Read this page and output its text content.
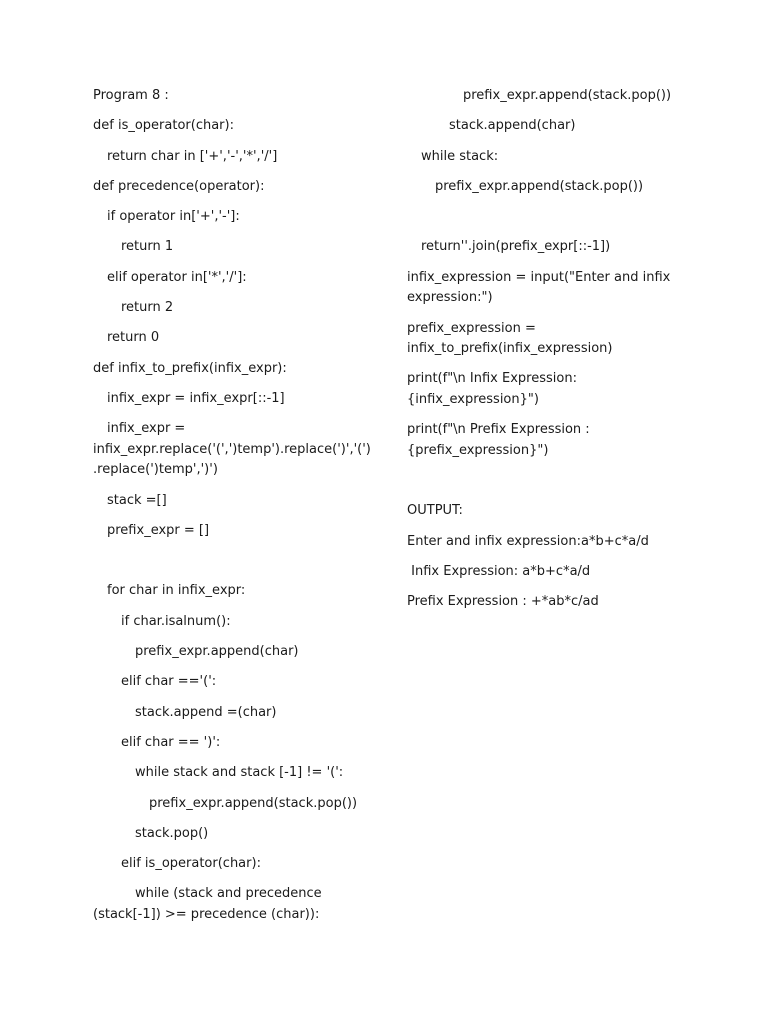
Program 8 :
def is_operator(char):
return char in ['+','-','*','/']
def precedence(operator):
if operator in['+','-']:
return 1
elif operator in['*','/']:
return 2
return 0
def infix_to_prefix(infix_expr):
infix_expr = infix_expr[::-1]
infix_expr =
infix_expr.replace('(',')temp').replace(')','(')
.replace(')temp',')')
stack =[]
prefix_expr = []
for char in infix_expr:
if char.isalnum():
prefix_expr.append(char)
elif char =='(':
stack.append =(char)
elif char == ')':
while stack and stack [-1] != '(':
prefix_expr.append(stack.pop())
stack.pop()
elif is_operator(char):
while (stack and precedence
(stack[-1]) >= precedence (char)):
prefix_expr.append(stack.pop())
stack.append(char)
while stack:
prefix_expr.append(stack.pop())
return''.join(prefix_expr[::-1])
infix_expression = input("Enter and infix expression:")
prefix_expression = infix_to_prefix(infix_expression)
print(f"\n Infix Expression: {infix_expression}")
print(f"\n Prefix Expression : {prefix_expression}")
OUTPUT:
Enter and infix expression:a*b+c*a/d
Infix Expression: a*b+c*a/d
Prefix Expression : +*ab*c/ad
